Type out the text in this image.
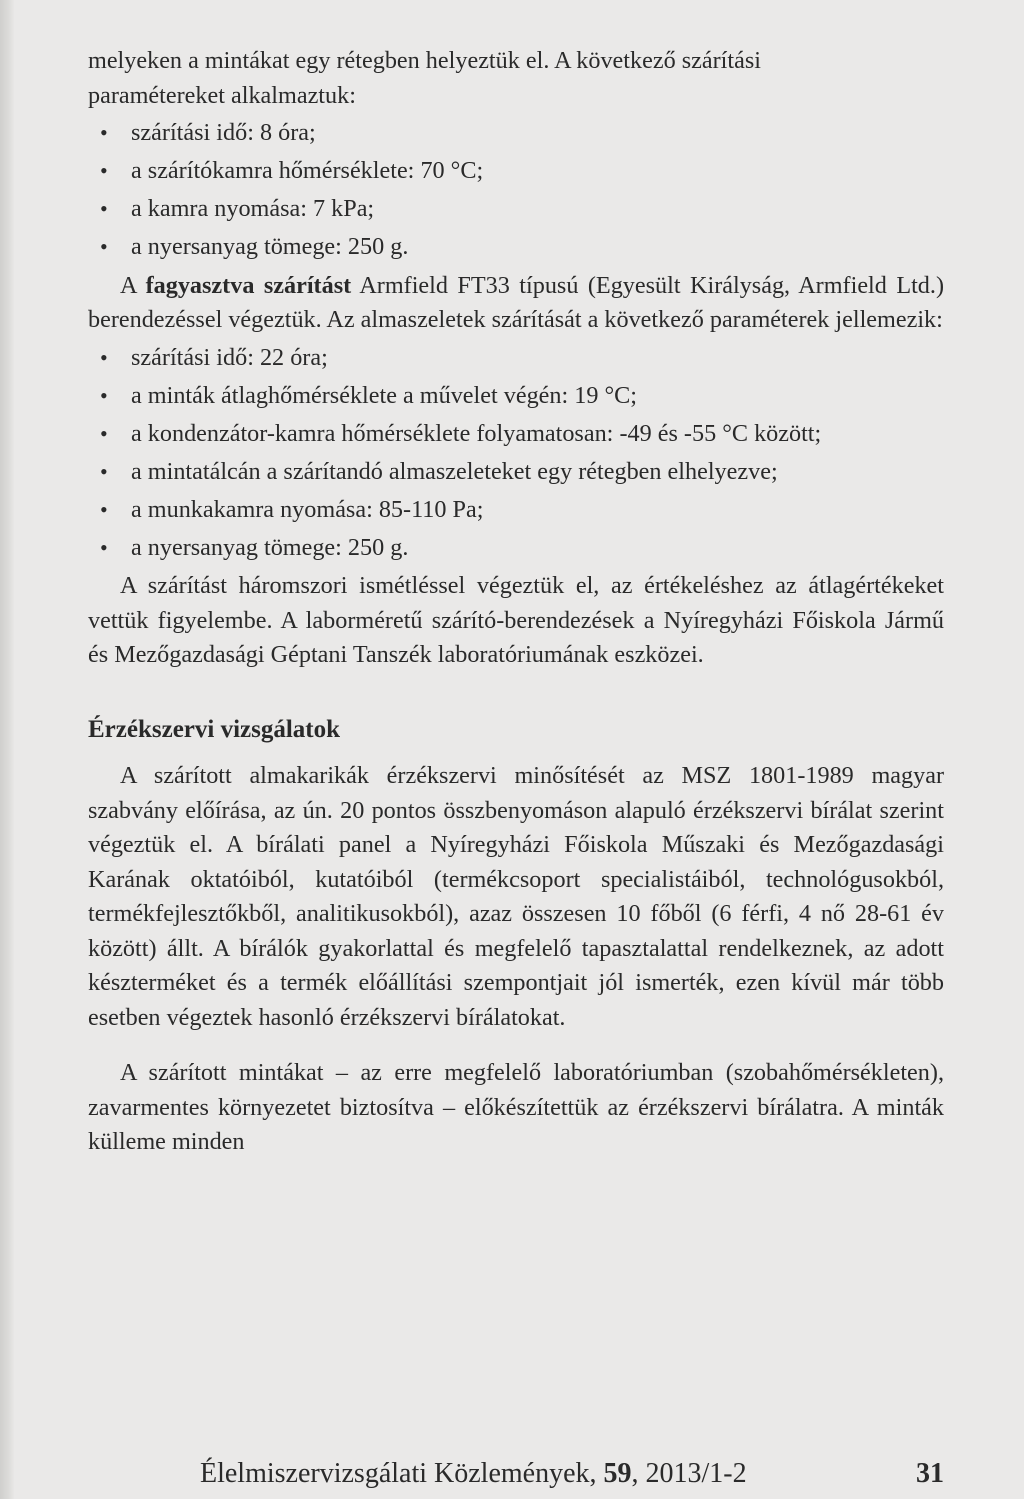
melyeken a mintákat egy rétegben helyeztük el. A következő szárítási
paramétereket alkalmaztuk:

• szárítási idő: 8 óra;
• a szárítókamra hőmérséklete: 70 °C;
• a kamra nyomása: 7 kPa;
• a nyersanyag tömege: 250 g.

A fagyasztva szárítást Armfield FT33 típusú (Egyesült Királyság, Armfield Ltd.) berendezéssel végeztük. Az almaszeletek szárítását a következő paraméterek jellemezik:

• szárítási idő: 22 óra;
• a minták átlaghőmérséklete a művelet végén: 19 °C;
• a kondenzátor-kamra hőmérséklete folyamatosan: -49 és -55 °C között;
• a mintatálcán a szárítandó almaszeleteket egy rétegben elhelyezve;
• a munkakamra nyomása: 85-110 Pa;
• a nyersanyag tömege: 250 g.

A szárítást háromszori ismétléssel végeztük el, az értékeléshez az átlagértékeket vettük figyelembe. A laborméretű szárító-berendezések a Nyíregyházi Főiskola Jármű és Mezőgazdasági Géptani Tanszék laboratóriumának eszközei.

Érzékszervi vizsgálatok

A szárított almakarikák érzékszervi minősítését az MSZ 1801-1989 magyar szabvány előírása, az ún. 20 pontos összbenyomáson alapuló érzékszervi bírálat szerint végeztük el. A bírálati panel a Nyíregyházi Főiskola Műszaki és Mezőgazdasági Karának oktatóiból, kutatóiból (termékcsoport specialistáiból, technológusokból, termékfejlesztőkből, analitikusokból), azaz összesen 10 főből (6 férfi, 4 nő 28-61 év között) állt. A bírálók gyakorlattal és megfelelő tapasztalattal rendelkeznek, az adott készterméket és a termék előállítási szempontjait jól ismerték, ezen kívül már több esetben végeztek hasonló érzékszervi bírálatokat.

A szárított mintákat – az erre megfelelő laboratóriumban (szobahőmérsékleten), zavarmentes környezetet biztosítva – előkészítettük az érzékszervi bírálatra. A minták külleme minden

Élelmiszervizsgálati Közlemények, 59, 2013/1-2	31
